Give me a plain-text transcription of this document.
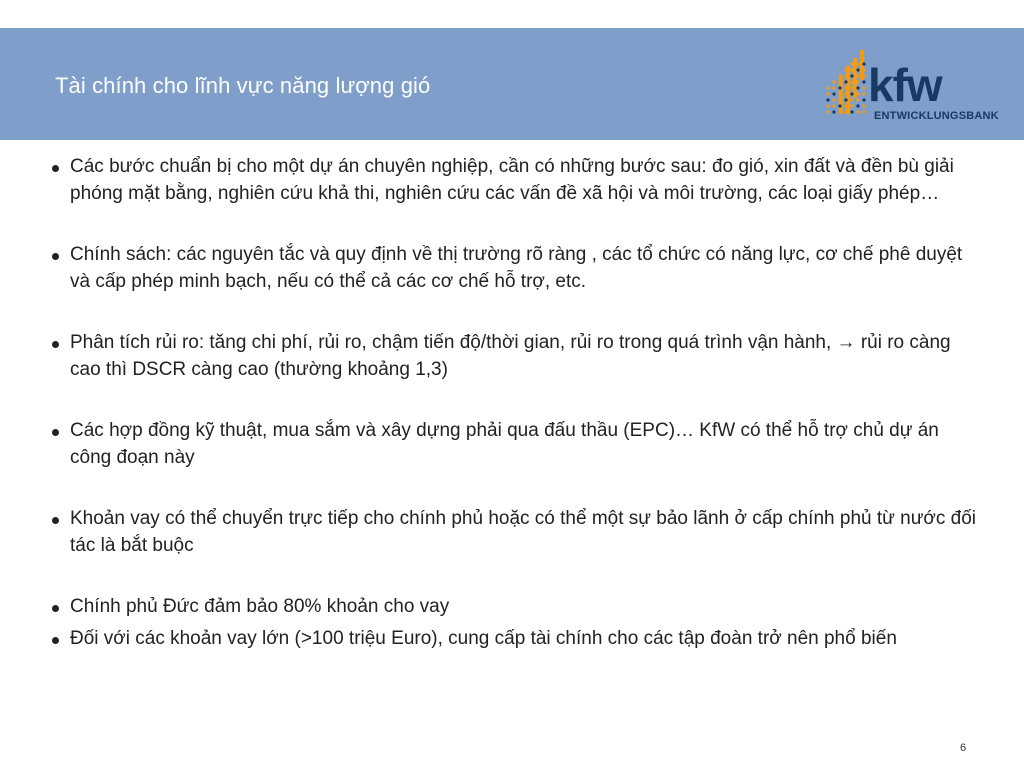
Tài chính cho lĩnh vực năng lượng gió	kfw
ENTWICKLUNGSBANK
Các bước chuẩn bị cho một dự án chuyên nghiệp, cần có những bước sau: đo gió, xin đất và đền bù giải phóng mặt bằng, nghiên cứu khả thi, nghiên cứu các vấn đề xã hội và môi trường, các loại giấy phép…
Chính sách: các nguyên tắc và quy định về thị trường rõ ràng , các tổ chức có năng lực, cơ chế phê duyệt và cấp phép minh bạch, nếu có thể cả các cơ chế hỗ trợ, etc.
Phân tích rủi ro: tăng chi phí, rủi ro, chậm tiến độ/thời gian, rủi ro trong quá trình vận hành, → rủi ro càng cao thì DSCR càng cao (thường khoảng 1,3)
Các hợp đồng kỹ thuật, mua sắm và xây dựng phải qua đấu thầu (EPC)… KfW có thể hỗ trợ chủ dự án công đoạn này
Khoản vay có thể chuyển trực tiếp cho chính phủ hoặc có thể một sự bảo lãnh ở cấp chính phủ từ nước đối tác là bắt buộc
Chính phủ Đức đảm bảo 80% khoản cho vay
Đối với các khoản vay lớn (>100 triệu Euro), cung cấp tài chính cho các tập đoàn trở nên phổ biến
6
